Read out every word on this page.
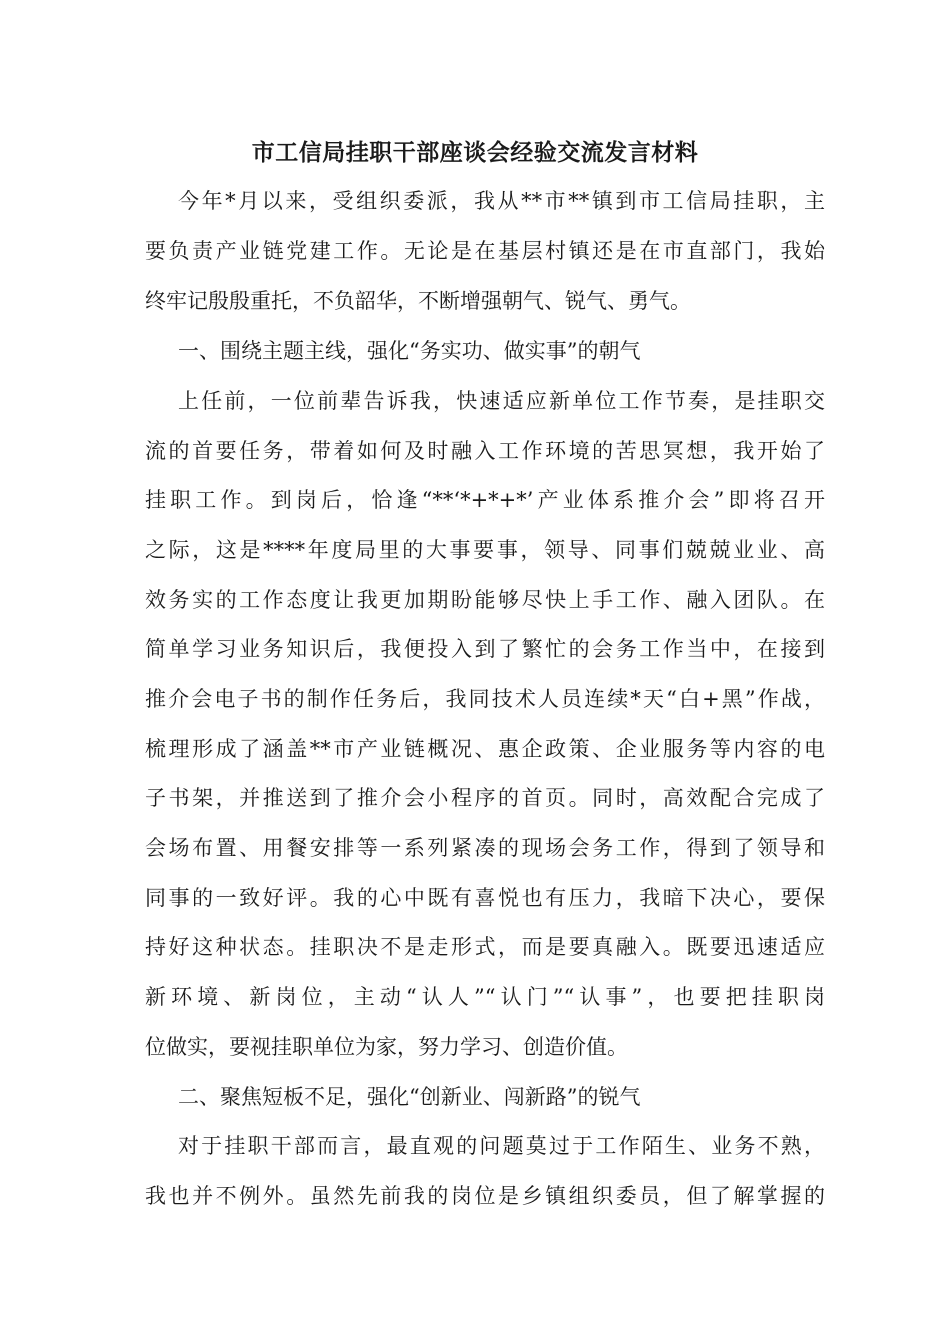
市工信局挂职干部座谈会经验交流发言材料
今年*月以来，受组织委派，我从**市**镇到市工信局挂职，主
要负责产业链党建工作。无论是在基层村镇还是在市直部门，我始
终牢记殷殷重托，不负韶华，不断增强朝气、锐气、勇气。
一、围绕主题主线，强化“务实功、做实事”的朝气
上任前，一位前辈告诉我，快速适应新单位工作节奏，是挂职交
流的首要任务，带着如何及时融入工作环境的苦思冥想，我开始了
挂职工作。到岗后，恰逢“**‘*+*+*’产业体系推介会”即将召开
之际，这是****年度局里的大事要事，领导、同事们兢兢业业、高
效务实的工作态度让我更加期盼能够尽快上手工作、融入团队。在
简单学习业务知识后，我便投入到了繁忙的会务工作当中，在接到
推介会电子书的制作任务后，我同技术人员连续*天“白+黑”作战，
梳理形成了涵盖**市产业链概况、惠企政策、企业服务等内容的电
子书架，并推送到了推介会小程序的首页。同时，高效配合完成了
会场布置、用餐安排等一系列紧凑的现场会务工作，得到了领导和
同事的一致好评。我的心中既有喜悦也有压力，我暗下决心，要保
持好这种状态。挂职决不是走形式，而是要真融入。既要迅速适应
新环境、新岗位，主动“认人”“认门”“认事”，也要把挂职岗
位做实，要视挂职单位为家，努力学习、创造价值。
二、聚焦短板不足，强化“创新业、闯新路”的锐气
对于挂职干部而言，最直观的问题莫过于工作陌生、业务不熟，
我也并不例外。虽然先前我的岗位是乡镇组织委员，但了解掌握的
